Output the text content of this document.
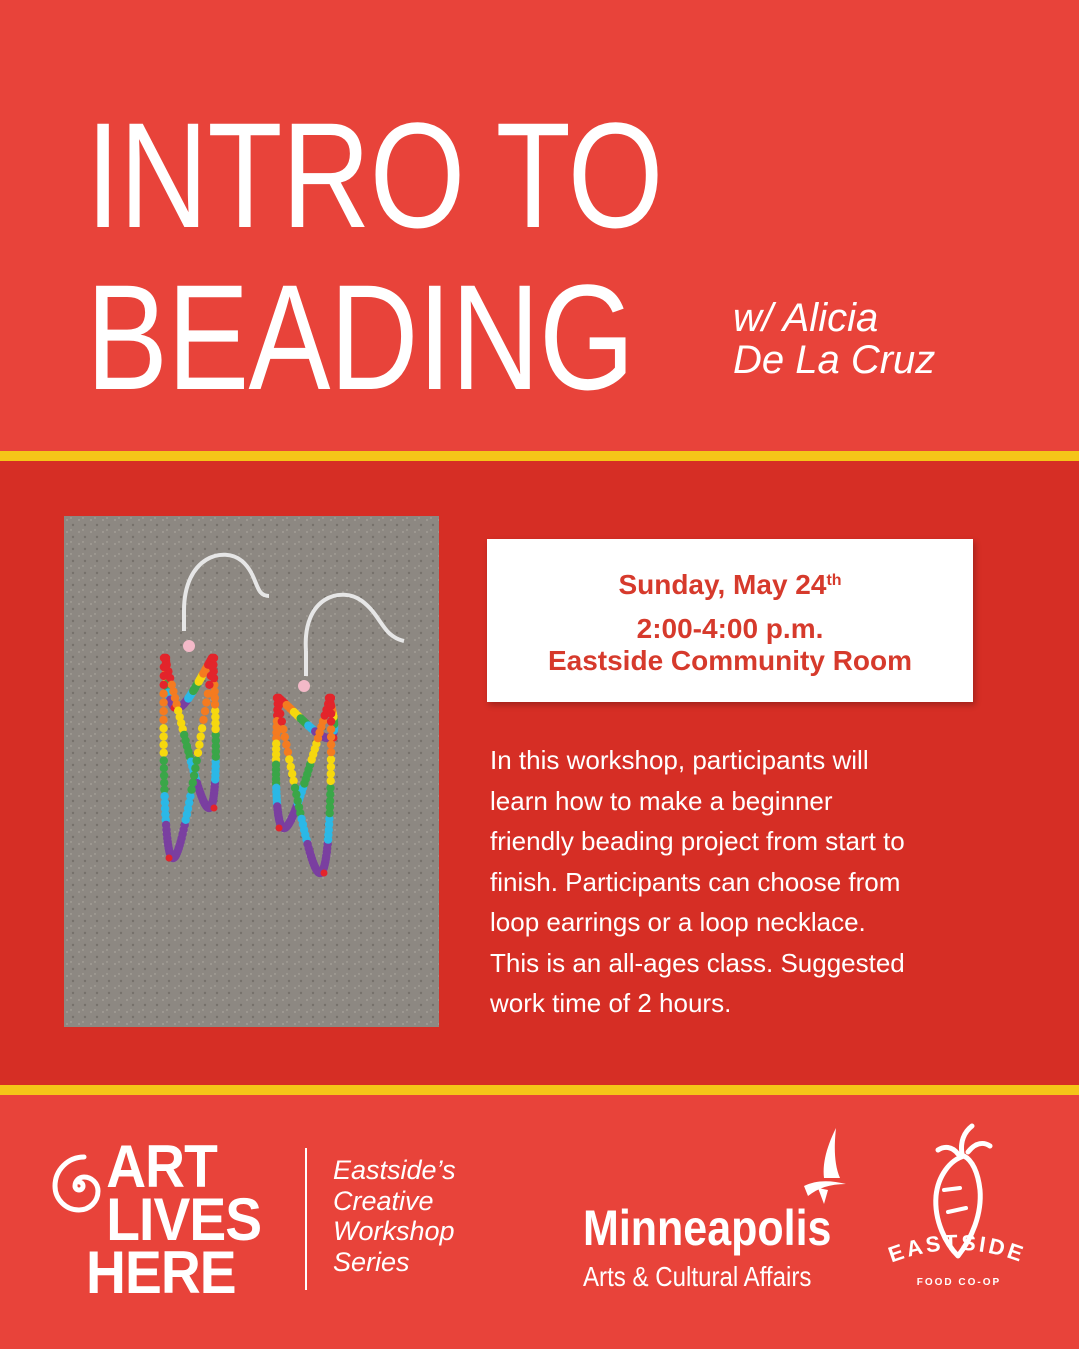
INTRO TO
BEADING w/ Alicia
De La Cruz
Sunday, May 24th
2:00-4:00 p.m.
Eastside Community Room
In this workshop, participants will
learn how to make a beginner
friendly beading project from start to
finish. Participants can choose from
loop earrings or a loop necklace.
This is an all-ages class. Suggested
work time of 2 hours.
ART
LIVES
HERE
Eastside’s
Creative
Workshop
Series
Minneapolis
Arts & Cultural Affairs
EASTSIDE
FOOD CO-OP
